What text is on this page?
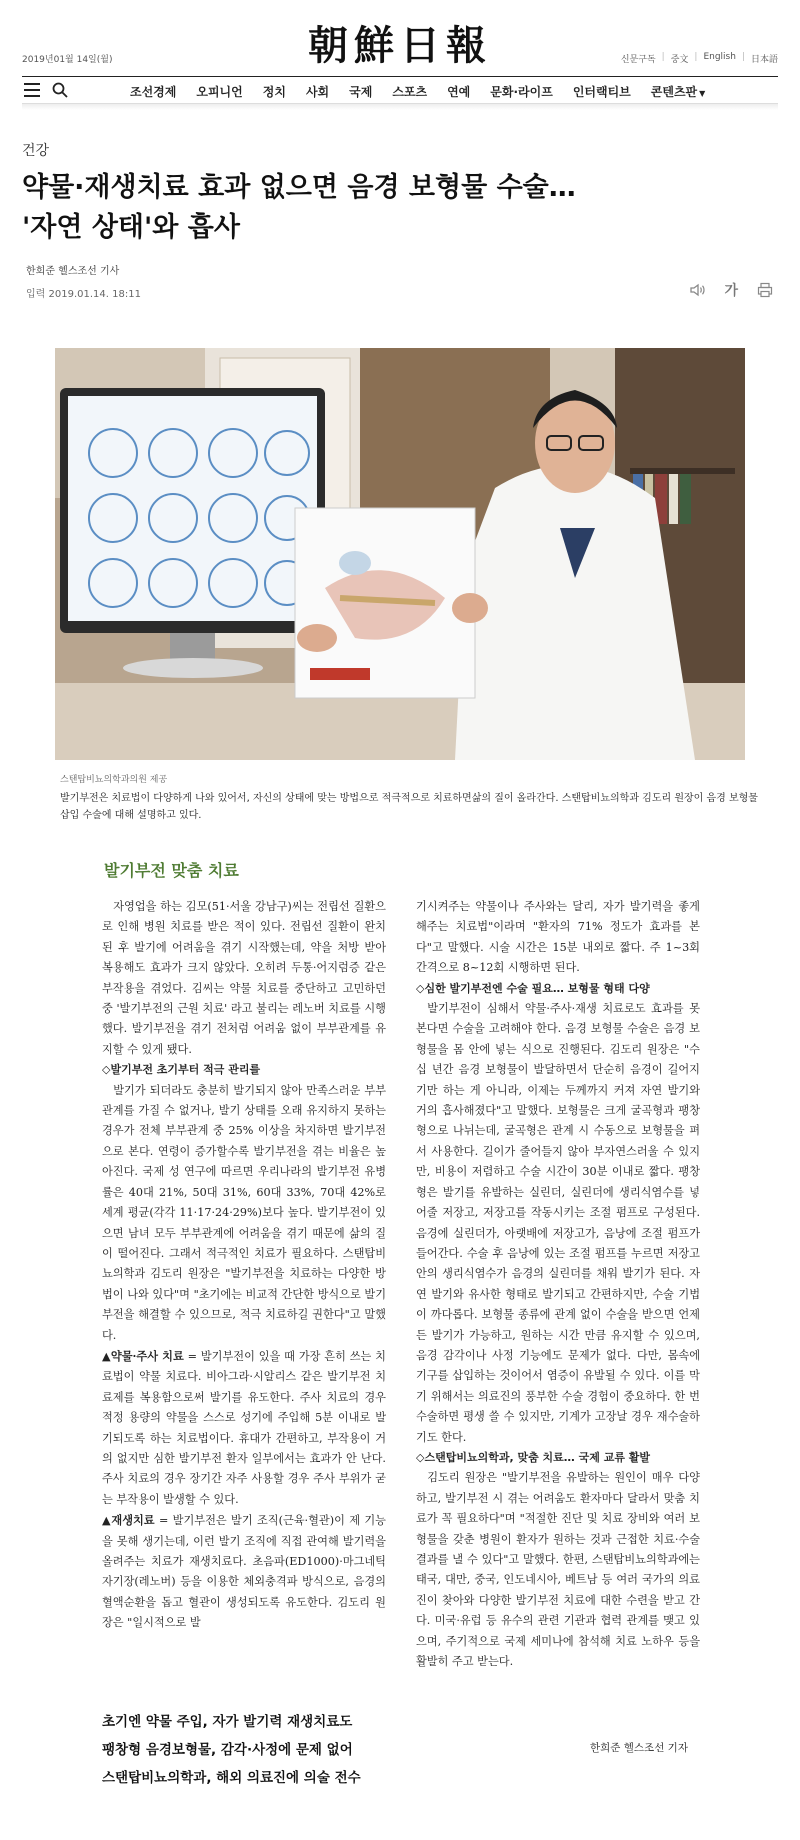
2019년01월 14일(월)	朝鮮日報	신문구독 | 중文 | English | 日本語
조선경제 오피니언 정치 사회 국제 스포츠 연예 문화·라이프 인터랙티브 콘텐츠판 ▼
건강
약물·재생치료 효과 없으면 음경 보형물 수술…
'자연 상태'와 흡사
한희준 헬스조선 기사
입력 2019.01.14. 18:11	가
스탠탑비뇨의학과의원 제공
발기부전은 치료법이 다양하게 나와 있어서, 자신의 상태에 맞는 방법으로 적극적으로 치료하면삶의 질이 올라간다. 스탠탑비뇨의학과 김도리 원장이 음경 보형물 삽입 수술에 대해 설명하고 있다.
발기부전 맞춤 치료

자영업을 하는 김모(51·서울 강남구)씨는 전립선 질환으로 인해 병원 치료를 받은 적이 있다. 전립선 질환이 완치된 후 발기에 어려움을 겪기 시작했는데, 약을 처방 받아 복용해도 효과가 크지 않았다. 오히려 두통·어지럼증 같은 부작용을 겪었다. 김씨는 약물 치료를 중단하고 고민하던 중 '발기부전의 근원 치료' 라고 불리는 레노버 치료를 시행했다. 발기부전을 겪기 전처럼 어려움 없이 부부관계를 유지할 수 있게 됐다.

◇발기부전 초기부터 적극 관리를

발기가 되더라도 충분히 발기되지 않아 만족스러운 부부관계를 가질 수 없거나, 발기 상태를 오래 유지하지 못하는 경우가 전체 부부관계 중 25% 이상을 차지하면 발기부전으로 본다. 연령이 증가할수록 발기부전을 겪는 비율은 높아진다. 국제 성 연구에 따르면 우리나라의 발기부전 유병률은 40대 21%, 50대 31%, 60대 33%, 70대 42%로 세계 평균(각각 11·17·24·29%)보다 높다. 발기부전이 있으면 남녀 모두 부부관계에 어려움을 겪기 때문에 삶의 질이 떨어진다. 그래서 적극적인 치료가 필요하다. 스탠탑비뇨의학과 김도리 원장은 "발기부전을 치료하는 다양한 방법이 나와 있다"며 "초기에는 비교적 간단한 방식으로 발기부전을 해결할 수 있으므로, 적극 치료하길 권한다"고 말했다.

▲약물·주사 치료 = 발기부전이 있을 때 가장 흔히 쓰는 치료법이 약물 치료다. 비아그라·시알리스 같은 발기부전 치료제를 복용함으로써 발기를 유도한다. 주사 치료의 경우 적정 용량의 약물을 스스로 성기에 주입해 5분 이내로 발기되도록 하는 치료법이다. 휴대가 간편하고, 부작용이 거의 없지만 심한 발기부전 환자 일부에서는 효과가 안 난다. 주사 치료의 경우 장기간 자주 사용할 경우 주사 부위가 굳는 부작용이 발생할 수 있다.

▲재생치료 = 발기부전은 발기 조직(근육·혈관)이 제 기능을 못해 생기는데, 이런 발기 조직에 직접 관여해 발기력을 올려주는 치료가 재생치료다. 초음파(ED1000)·마그네틱 자기장(레노버) 등을 이용한 체외충격파 방식으로, 음경의 혈액순환을 돕고 혈관이 생성되도록 유도한다. 김도리 원장은 "일시적으로 발

기시켜주는 약물이나 주사와는 달리, 자가 발기력을 좋게 해주는 치료법"이라며 "환자의 71% 정도가 효과를 본다"고 말했다. 시술 시간은 15분 내외로 짧다. 주 1~3회 간격으로 8~12회 시행하면 된다.

◇심한 발기부전엔 수술 필요… 보형물 형태 다양

발기부전이 심해서 약물·주사·재생 치료로도 효과를 못 본다면 수술을 고려해야 한다. 음경 보형물 수술은 음경 보형물을 몸 안에 넣는 식으로 진행된다. 김도리 원장은 "수십 년간 음경 보형물이 발달하면서 단순히 음경이 길어지기만 하는 게 아니라, 이제는 두께까지 커져 자연 발기와 거의 흡사해졌다"고 말했다. 보형물은 크게 굴곡형과 팽창형으로 나뉘는데, 굴곡형은 관계 시 수동으로 보형물을 펴서 사용한다. 길이가 줄어들지 않아 부자연스러울 수 있지만, 비용이 저렴하고 수술 시간이 30분 이내로 짧다. 팽창형은 발기를 유발하는 실린더, 실린더에 생리식염수를 넣어줄 저장고, 저장고를 작동시키는 조절 펌프로 구성된다. 음경에 실린더가, 아랫배에 저장고가, 음낭에 조절 펌프가 들어간다. 수술 후 음낭에 있는 조절 펌프를 누르면 저장고 안의 생리식염수가 음경의 실린더를 채워 발기가 된다. 자연 발기와 유사한 형태로 발기되고 간편하지만, 수술 기법이 까다롭다. 보형물 종류에 관계 없이 수술을 받으면 언제든 발기가 가능하고, 원하는 시간 만큼 유지할 수 있으며, 음경 감각이나 사정 기능에도 문제가 없다. 다만, 몸속에 기구를 삽입하는 것이어서 염증이 유발될 수 있다. 이를 막기 위해서는 의료진의 풍부한 수술 경험이 중요하다. 한 번 수술하면 평생 쓸 수 있지만, 기계가 고장날 경우 재수술하기도 한다.

◇스탠탑비뇨의학과, 맞춤 치료… 국제 교류 활발

김도리 원장은 "발기부전을 유발하는 원인이 매우 다양하고, 발기부전 시 겪는 어려움도 환자마다 달라서 맞춤 치료가 꼭 필요하다"며 "적절한 진단 및 치료 장비와 여러 보형물을 갖춘 병원이 환자가 원하는 것과 근접한 치료·수술 결과를 낼 수 있다"고 말했다. 한편, 스탠탑비뇨의학과에는 태국, 대만, 중국, 인도네시아, 베트남 등 여러 국가의 의료진이 찾아와 다양한 발기부전 치료에 대한 수련을 받고 간다. 미국·유럽 등 유수의 관련 기관과 협력 관계를 맺고 있으며, 주기적으로 국제 세미나에 참석해 치료 노하우 등을 활발히 주고 받는다.

초기엔 약물 주입, 자가 발기력 재생치료도
팽창형 음경보형물, 감각·사정에 문제 없어
스탠탑비뇨의학과, 해외 의료진에 의술 전수
한희준 헬스조선 기자
